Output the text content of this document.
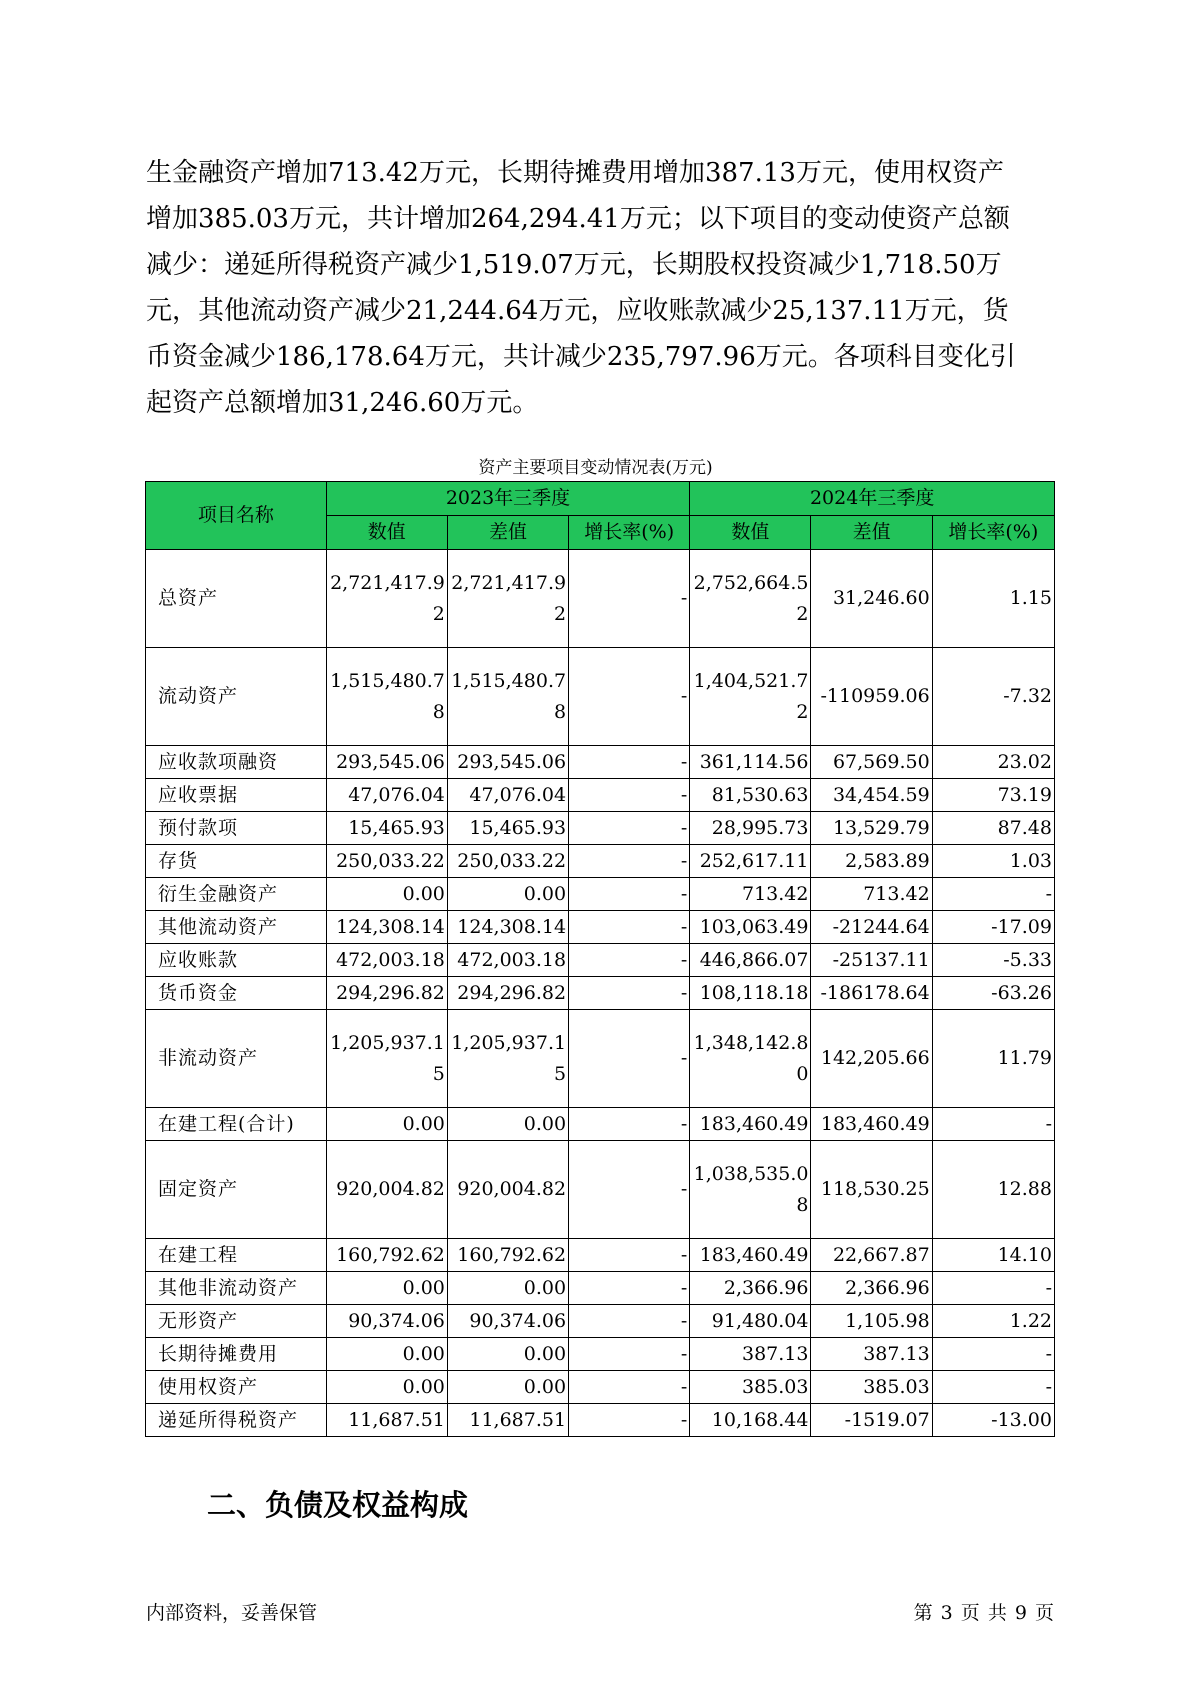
生金融资产增加713.42万元，长期待摊费用增加387.13万元，使用权资产
增加385.03万元，共计增加264,294.41万元；以下项目的变动使资产总额
减少：递延所得税资产减少1,519.07万元，长期股权投资减少1,718.50万
元，其他流动资产减少21,244.64万元，应收账款减少25,137.11万元，货
币资金减少186,178.64万元，共计减少235,797.96万元。各项科目变化引
起资产总额增加31,246.60万元。
资产主要项目变动情况表(万元)
项目名称	2023年三季度			2024年三季度		
	数值	差值	增长率(%)	数值	差值	增长率(%)
总资产	2,721,417.92	2,721,417.92	-	2,752,664.52	31,246.60	1.15
流动资产	1,515,480.78	1,515,480.78	-	1,404,521.72	-110959.06	-7.32
应收款项融资	293,545.06	293,545.06	-	361,114.56	67,569.50	23.02
应收票据	47,076.04	47,076.04	-	81,530.63	34,454.59	73.19
预付款项	15,465.93	15,465.93	-	28,995.73	13,529.79	87.48
存货	250,033.22	250,033.22	-	252,617.11	2,583.89	1.03
衍生金融资产	0.00	0.00	-	713.42	713.42	-
其他流动资产	124,308.14	124,308.14	-	103,063.49	-21244.64	-17.09
应收账款	472,003.18	472,003.18	-	446,866.07	-25137.11	-5.33
货币资金	294,296.82	294,296.82	-	108,118.18	-186178.64	-63.26
非流动资产	1,205,937.15	1,205,937.15	-	1,348,142.80	142,205.66	11.79
在建工程(合计)	0.00	0.00	-	183,460.49	183,460.49	-
固定资产	920,004.82	920,004.82	-	1,038,535.08	118,530.25	12.88
在建工程	160,792.62	160,792.62	-	183,460.49	22,667.87	14.10
其他非流动资产	0.00	0.00	-	2,366.96	2,366.96	-
无形资产	90,374.06	90,374.06	-	91,480.04	1,105.98	1.22
长期待摊费用	0.00	0.00	-	387.13	387.13	-
使用权资产	0.00	0.00	-	385.03	385.03	-
递延所得税资产	11,687.51	11,687.51	-	10,168.44	-1519.07	-13.00
二、负债及权益构成
内部资料，妥善保管	第 3 页 共 9 页
